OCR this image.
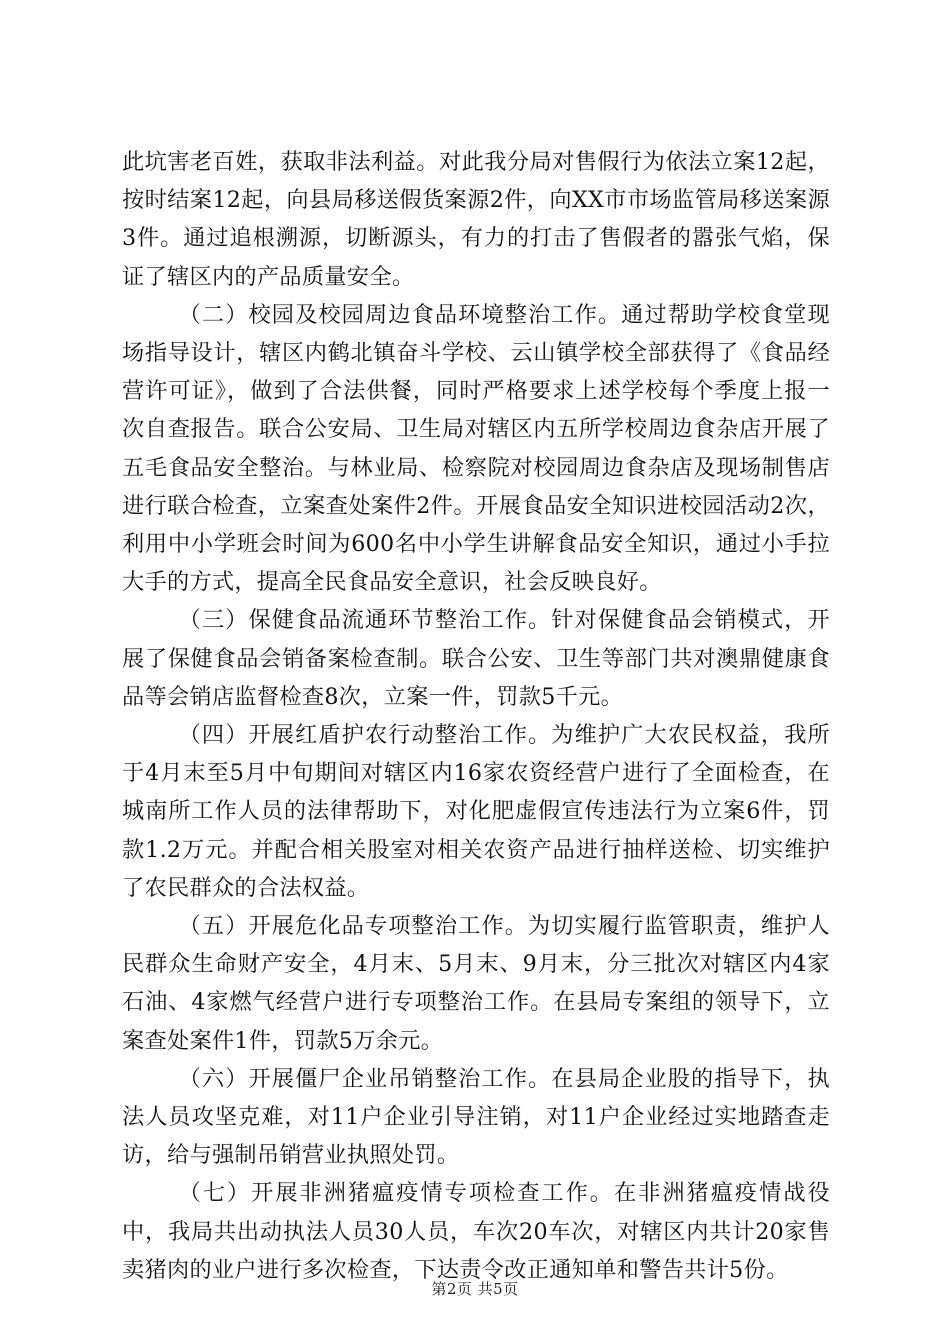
此坑害老百姓，获取非法利益。对此我分局对售假行为依法立案12起，按时结案12起，向县局移送假货案源2件，向XX市市场监管局移送案源3件。通过追根溯源，切断源头，有力的打击了售假者的嚣张气焰，保证了辖区内的产品质量安全。

（二）校园及校园周边食品环境整治工作。通过帮助学校食堂现场指导设计，辖区内鹤北镇奋斗学校、云山镇学校全部获得了《食品经营许可证》，做到了合法供餐，同时严格要求上述学校每个季度上报一次自查报告。联合公安局、卫生局对辖区内五所学校周边食杂店开展了五毛食品安全整治。与林业局、检察院对校园周边食杂店及现场制售店进行联合检查，立案查处案件2件。开展食品安全知识进校园活动2次，利用中小学班会时间为600名中小学生讲解食品安全知识，通过小手拉大手的方式，提高全民食品安全意识，社会反映良好。

（三）保健食品流通环节整治工作。针对保健食品会销模式，开展了保健食品会销备案检查制。联合公安、卫生等部门共对澳鼎健康食品等会销店监督检查8次，立案一件，罚款5千元。

（四）开展红盾护农行动整治工作。为维护广大农民权益，我所于4月末至5月中旬期间对辖区内16家农资经营户进行了全面检查，在城南所工作人员的法律帮助下，对化肥虚假宣传违法行为立案6件，罚款1.2万元。并配合相关股室对相关农资产品进行抽样送检、切实维护了农民群众的合法权益。

（五）开展危化品专项整治工作。为切实履行监管职责，维护人民群众生命财产安全，4月末、5月末、9月末，分三批次对辖区内4家石油、4家燃气经营户进行专项整治工作。在县局专案组的领导下，立案查处案件1件，罚款5万余元。

（六）开展僵尸企业吊销整治工作。在县局企业股的指导下，执法人员攻坚克难，对11户企业引导注销，对11户企业经过实地踏查走访，给与强制吊销营业执照处罚。

（七）开展非洲猪瘟疫情专项检查工作。在非洲猪瘟疫情战役中，我局共出动执法人员30人员，车次20车次，对辖区内共计20家售卖猪肉的业户进行多次检查，下达责令改正通知单和警告共计5份。

第2页 共5页
